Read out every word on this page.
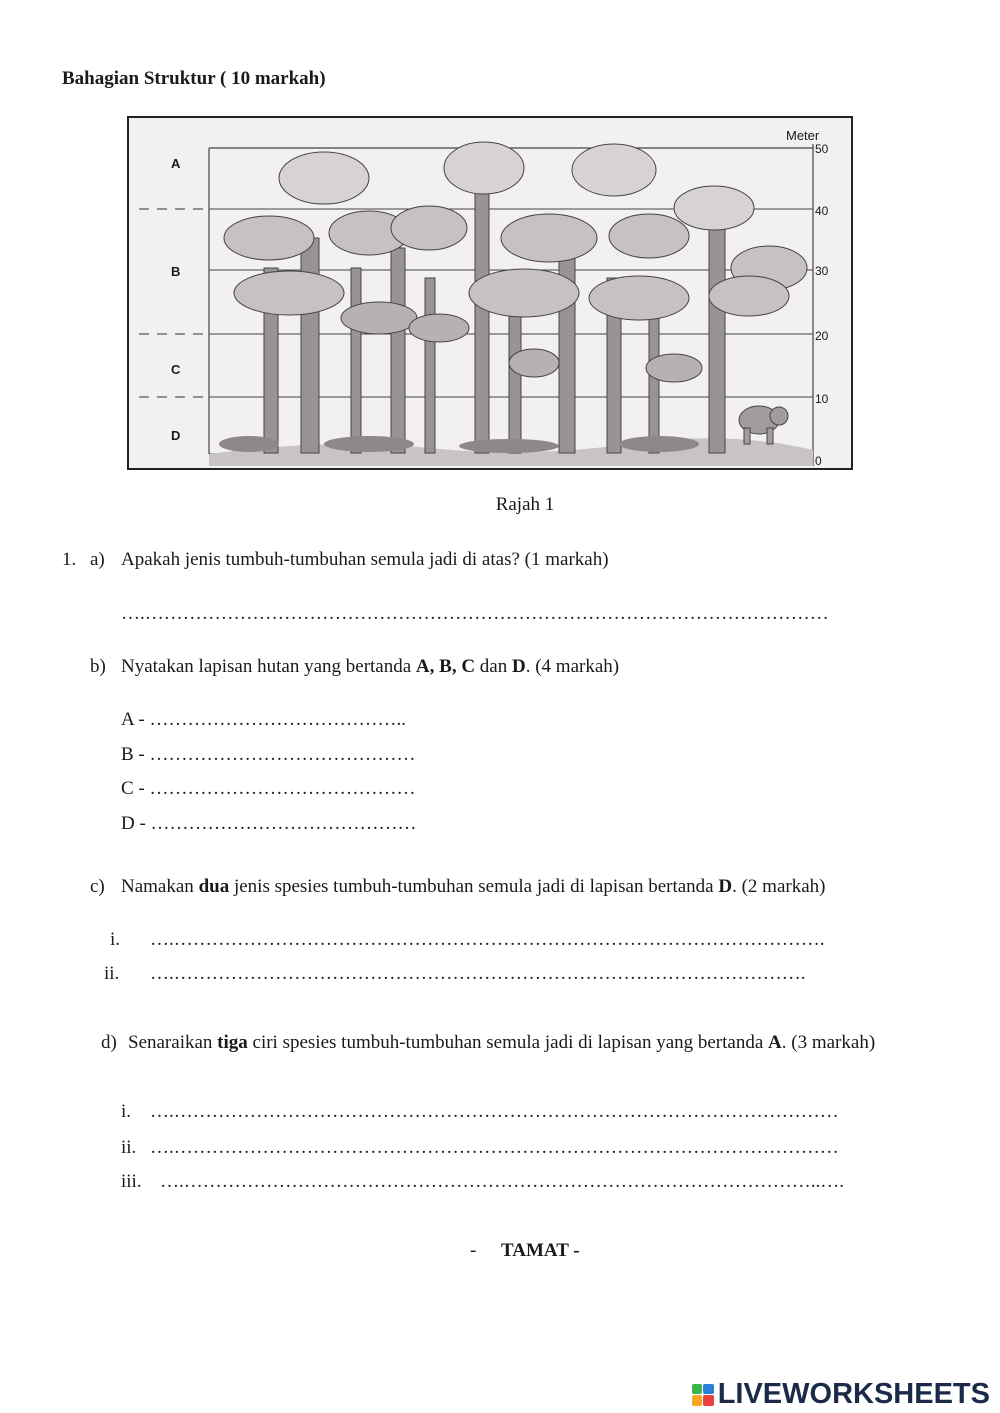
Bahagian Struktur ( 10 markah)
A
B
C
D
Meter
50
40
30
20
10
0
Rajah 1
1. a) Apakah jenis tumbuh-tumbuhan semula jadi di atas? (1 markah)
….………………………………………………………………………………………………
b) Nyatakan lapisan hutan yang bertanda A, B, C dan D. (4 markah)
A - …………………………………..
B - ……………………………………
C - ……………………………………
D - ……………………………………
c) Namakan dua jenis spesies tumbuh-tumbuhan semula jadi di lapisan bertanda D. (2 markah)
i. ….………………………………………………………………………………………….
ii. ….……………………………………………………………………………………….
d) Senaraikan tiga ciri spesies tumbuh-tumbuhan semula jadi di lapisan yang bertanda A. (3 markah)
i. ….……………………………………………………………………………………………
ii. ….……………………………………………………………………………………………
iii. ….………………………………………………………………………………………..….
- TAMAT -
LIVEWORKSHEETS
